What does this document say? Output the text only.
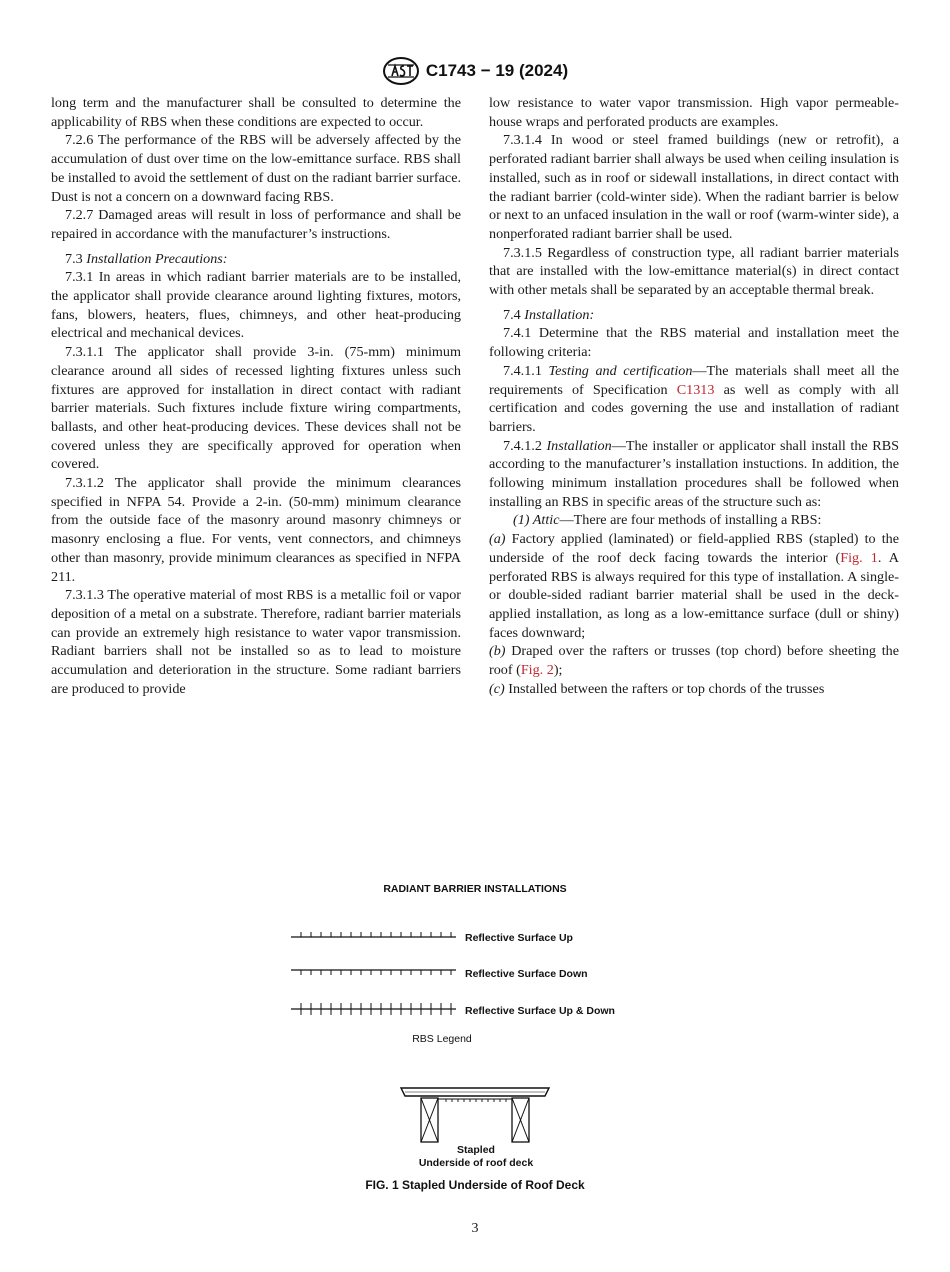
C1743 − 19 (2024)

long term and the manufacturer shall be consulted to determine the applicability of RBS when these conditions are expected to occur.

7.2.6 The performance of the RBS will be adversely affected by the accumulation of dust over time on the low-emittance surface. RBS shall be installed to avoid the settlement of dust on the radiant barrier surface. Dust is not a concern on a downward facing RBS.

7.2.7 Damaged areas will result in loss of performance and shall be repaired in accordance with the manufacturer’s instructions.

7.3 Installation Precautions:

7.3.1 In areas in which radiant barrier materials are to be installed, the applicator shall provide clearance around lighting fixtures, motors, fans, blowers, heaters, flues, chimneys, and other heat-producing electrical and mechanical devices.

7.3.1.1 The applicator shall provide 3-in. (75-mm) minimum clearance around all sides of recessed lighting fixtures unless such fixtures are approved for installation in direct contact with radiant barrier materials. Such fixtures include fixture wiring compartments, ballasts, and other heat-producing devices. These devices shall not be covered unless they are specifically approved for operation when covered.

7.3.1.2 The applicator shall provide the minimum clearances specified in NFPA 54. Provide a 2-in. (50-mm) minimum clearance from the outside face of the masonry around masonry chimneys or masonry enclosing a flue. For vents, vent connectors, and chimneys other than masonry, provide minimum clearances as specified in NFPA 211.

7.3.1.3 The operative material of most RBS is a metallic foil or vapor deposition of a metal on a substrate. Therefore, radiant barrier materials can provide an extremely high resistance to water vapor transmission. Radiant barriers shall not be installed so as to lead to moisture accumulation and deterioration in the structure. Some radiant barriers are produced to provide

low resistance to water vapor transmission. High vapor permeable- house wraps and perforated products are examples.

7.3.1.4 In wood or steel framed buildings (new or retrofit), a perforated radiant barrier shall always be used when ceiling insulation is installed, such as in roof or sidewall installations, in direct contact with the radiant barrier (cold-winter side). When the radiant barrier is below or next to an unfaced insulation in the wall or roof (warm-winter side), a nonperforated radiant barrier shall be used.

7.3.1.5 Regardless of construction type, all radiant barrier materials that are installed with the low-emittance material(s) in direct contact with other metals shall be separated by an acceptable thermal break.

7.4 Installation:

7.4.1 Determine that the RBS material and installation meet the following criteria:

7.4.1.1 Testing and certification—The materials shall meet all the requirements of Specification C1313 as well as comply with all certification and codes governing the use and installation of radiant barriers.

7.4.1.2 Installation—The installer or applicator shall install the RBS according to the manufacturer’s installation instuctions. In addition, the following minimum installation procedures shall be followed when installing an RBS in specific areas of the structure such as:

(1) Attic—There are four methods of installing a RBS:

(a) Factory applied (laminated) or field-applied RBS (stapled) to the underside of the roof deck facing towards the interior (Fig. 1. A perforated RBS is always required for this type of installation. A single- or double-sided radiant barrier material shall be used in the deck-applied installation, as long as a low-emittance surface (dull or shiny) faces downward;

(b) Draped over the rafters or trusses (top chord) before sheeting the roof (Fig. 2);

(c) Installed between the rafters or top chords of the trusses

RADIANT BARRIER INSTALLATIONS
Reflective Surface Up
Reflective Surface Down
Reflective Surface Up & Down
RBS Legend
Stapled
Underside of roof deck
FIG. 1 Stapled Underside of Roof Deck
3
